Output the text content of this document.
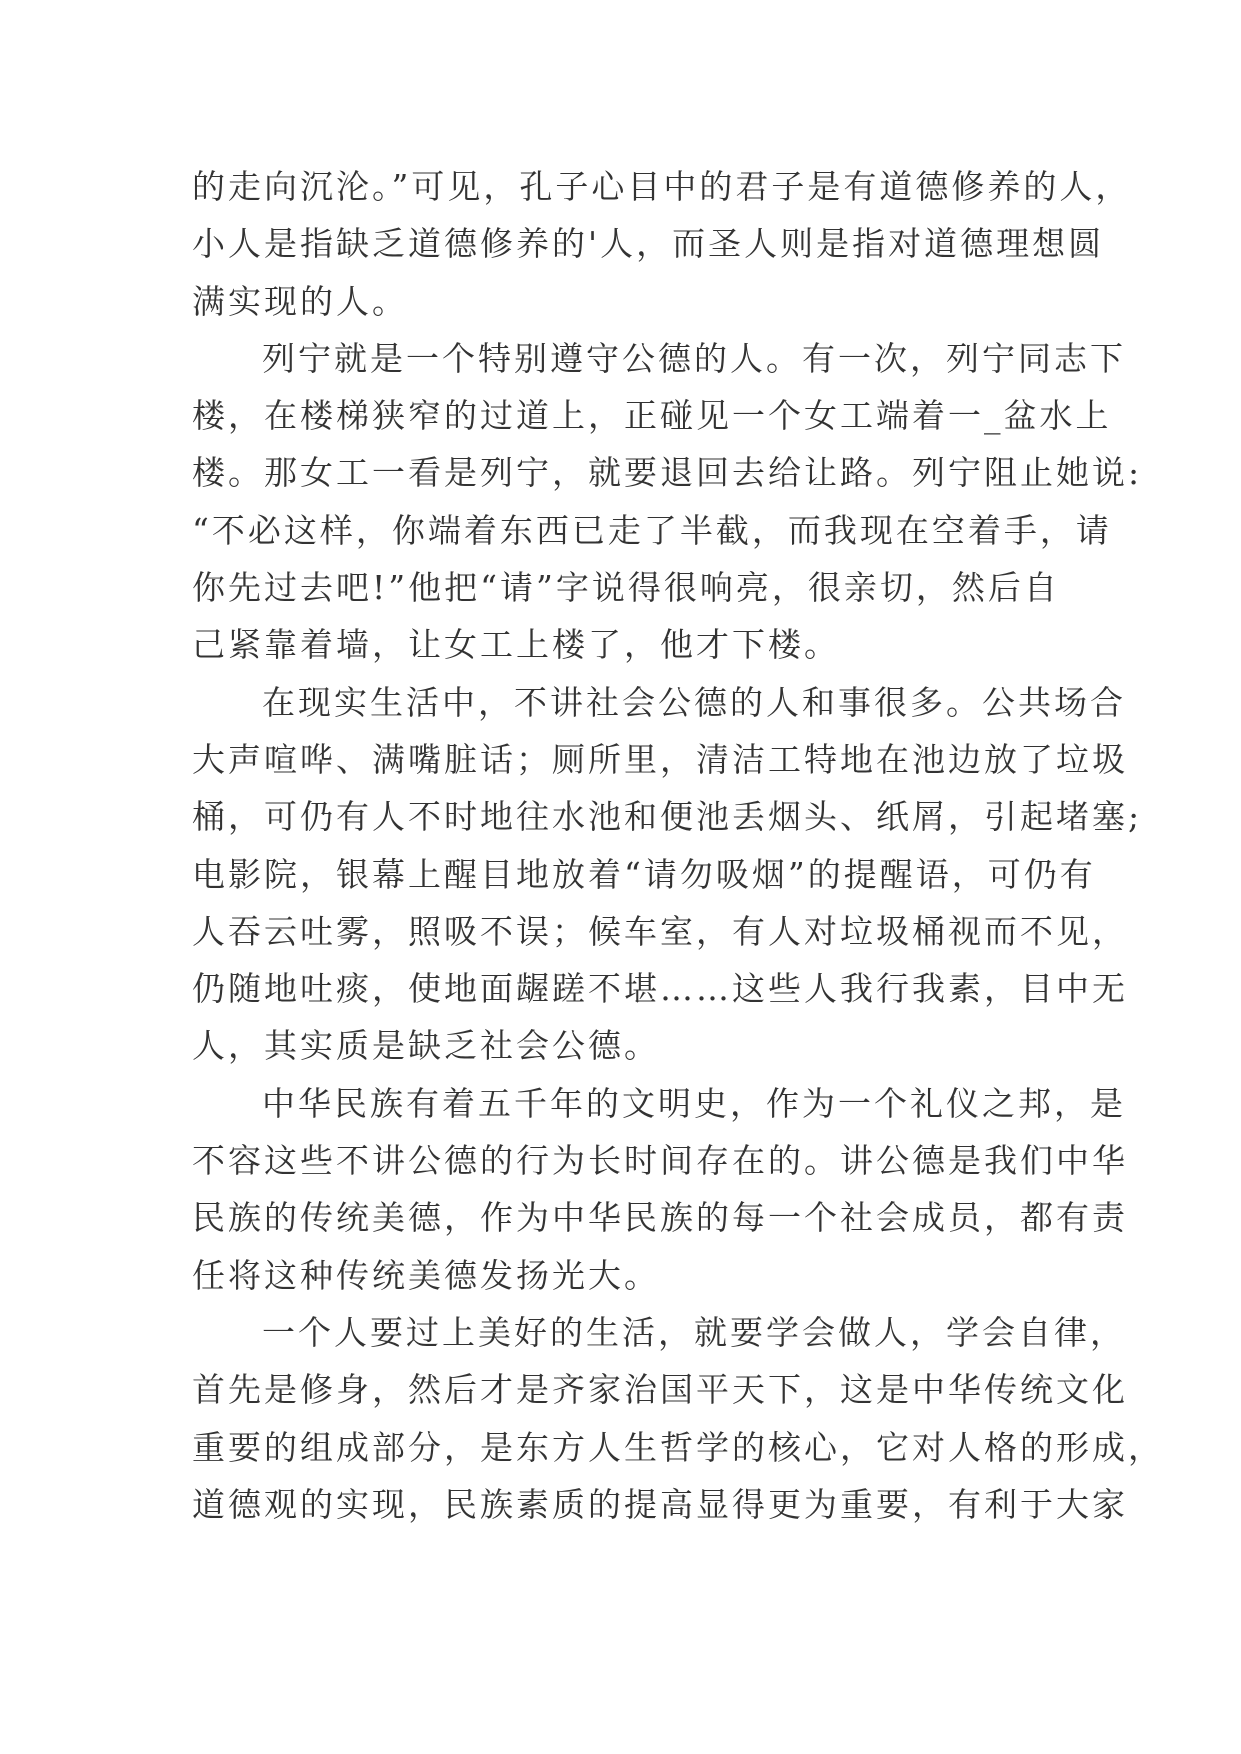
的走向沉沦。”可见，孔子心目中的君子是有道德修养的人，
小人是指缺乏道德修养的'人，而圣人则是指对道德理想圆
满实现的人。
列宁就是一个特别遵守公德的人。有一次，列宁同志下
楼，在楼梯狭窄的过道上，正碰见一个女工端着一_盆水上
楼。那女工一看是列宁，就要退回去给让路。列宁阻止她说:
“不必这样，你端着东西已走了半截，而我现在空着手，请
你先过去吧!”他把“请”字说得很响亮，很亲切，然后自
己紧靠着墙，让女工上楼了，他才下楼。
在现实生活中，不讲社会公德的人和事很多。公共场合
大声喧哗、满嘴脏话；厕所里，清洁工特地在池边放了垃圾
桶，可仍有人不时地往水池和便池丢烟头、纸屑，引起堵塞;
电影院，银幕上醒目地放着“请勿吸烟”的提醒语，可仍有
人吞云吐雾，照吸不误；候车室，有人对垃圾桶视而不见，
仍随地吐痰，使地面龌蹉不堪……这些人我行我素，目中无
人，其实质是缺乏社会公德。
中华民族有着五千年的文明史，作为一个礼仪之邦，是
不容这些不讲公德的行为长时间存在的。讲公德是我们中华
民族的传统美德，作为中华民族的每一个社会成员，都有责
任将这种传统美德发扬光大。
一个人要过上美好的生活，就要学会做人，学会自律，
首先是修身，然后才是齐家治国平天下，这是中华传统文化
重要的组成部分，是东方人生哲学的核心，它对人格的形成，
道德观的实现，民族素质的提高显得更为重要，有利于大家
